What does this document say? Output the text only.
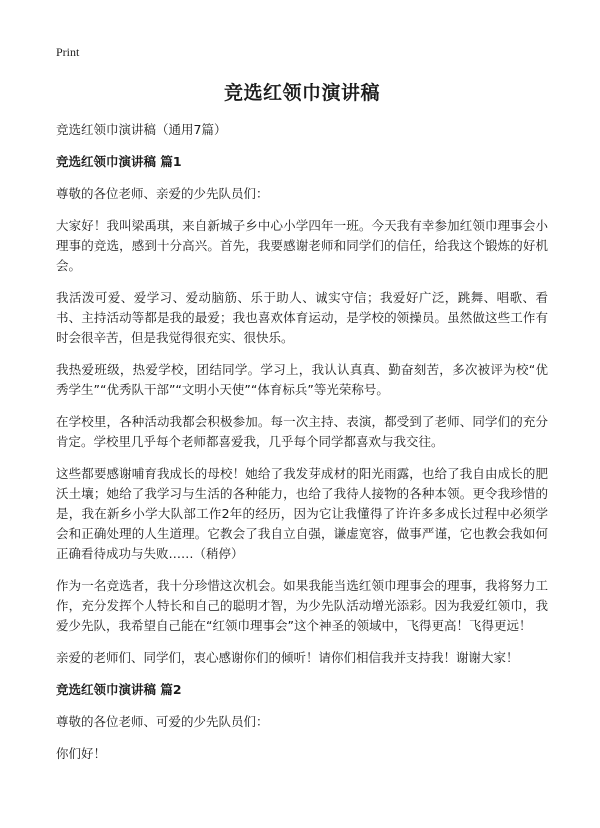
Print
竞选红领巾演讲稿

竞选红领巾演讲稿（通用7篇）

竞选红领巾演讲稿 篇1

尊敬的各位老师、亲爱的少先队员们：

大家好！我叫梁禹琪，来自新城子乡中心小学四年一班。今天我有幸参加红领巾理事会小理事的竞选，感到十分高兴。首先，我要感谢老师和同学们的信任，给我这个锻炼的好机会。

我活泼可爱、爱学习、爱动脑筋、乐于助人、诚实守信；我爱好广泛，跳舞、唱歌、看书、主持活动等都是我的最爱；我也喜欢体育运动，是学校的领操员。虽然做这些工作有时会很辛苦，但是我觉得很充实、很快乐。

我热爱班级，热爱学校，团结同学。学习上，我认认真真、勤奋刻苦，多次被评为校“优秀学生”“优秀队干部”“文明小天使”“体育标兵”等光荣称号。

在学校里，各种活动我都会积极参加。每一次主持、表演，都受到了老师、同学们的充分肯定。学校里几乎每个老师都喜爱我，几乎每个同学都喜欢与我交往。

这些都要感谢哺育我成长的母校！她给了我发芽成材的阳光雨露，也给了我自由成长的肥沃土壤；她给了我学习与生活的各种能力，也给了我待人接物的各种本领。更令我珍惜的是，我在新乡小学大队部工作2年的经历，因为它让我懂得了许许多多成长过程中必须学会和正确处理的人生道理。它教会了我自立自强，谦虚宽容，做事严谨，它也教会我如何正确看待成功与失败……（稍停）

作为一名竞选者，我十分珍惜这次机会。如果我能当选红领巾理事会的理事，我将努力工作，充分发挥个人特长和自己的聪明才智，为少先队活动增光添彩。因为我爱红领巾，我爱少先队，我希望自己能在“红领巾理事会”这个神圣的领域中，飞得更高！飞得更远！

亲爱的老师们、同学们，衷心感谢你们的倾听！请你们相信我并支持我！谢谢大家！

竞选红领巾演讲稿 篇2

尊敬的各位老师、可爱的少先队员们：

你们好！
